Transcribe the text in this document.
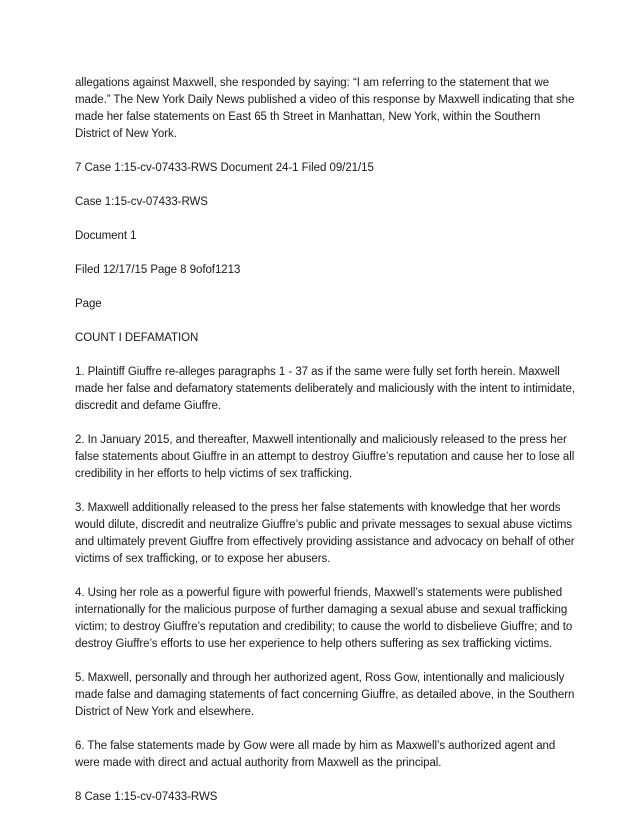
allegations against Maxwell, she responded by saying: “I am referring to the statement that we made.” The New York Daily News published a video of this response by Maxwell indicating that she made her false statements on East 65 th Street in Manhattan, New York, within the Southern District of New York.

7 Case 1:15-cv-07433-RWS Document 24-1 Filed 09/21/15

Case 1:15-cv-07433-RWS

Document 1

Filed 12/17/15 Page 8 9ofof1213

Page

COUNT I DEFAMATION

1. Plaintiff Giuffre re-alleges paragraphs 1 - 37 as if the same were fully set forth herein. Maxwell made her false and defamatory statements deliberately and maliciously with the intent to intimidate, discredit and defame Giuffre.

2. In January 2015, and thereafter, Maxwell intentionally and maliciously released to the press her false statements about Giuffre in an attempt to destroy Giuffre’s reputation and cause her to lose all credibility in her efforts to help victims of sex trafficking.

3. Maxwell additionally released to the press her false statements with knowledge that her words would dilute, discredit and neutralize Giuffre’s public and private messages to sexual abuse victims and ultimately prevent Giuffre from effectively providing assistance and advocacy on behalf of other victims of sex trafficking, or to expose her abusers.

4. Using her role as a powerful figure with powerful friends, Maxwell’s statements were published internationally for the malicious purpose of further damaging a sexual abuse and sexual trafficking victim; to destroy Giuffre’s reputation and credibility; to cause the world to disbelieve Giuffre; and to destroy Giuffre’s efforts to use her experience to help others suffering as sex trafficking victims.

5. Maxwell, personally and through her authorized agent, Ross Gow, intentionally and maliciously made false and damaging statements of fact concerning Giuffre, as detailed above, in the Southern District of New York and elsewhere.

6. The false statements made by Gow were all made by him as Maxwell’s authorized agent and were made with direct and actual authority from Maxwell as the principal.

8 Case 1:15-cv-07433-RWS
